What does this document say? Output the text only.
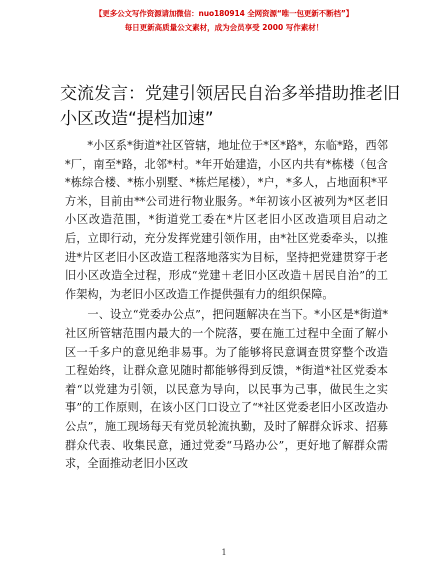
【更多公文写作资源请加微信：nuo180914 全网资源“唯一包更新不断档”】
每日更新高质量公文素材，成为会员享受 2000 写作素材！
交流发言：党建引领居民自治多举措助推老旧小区改造“提档加速”

*小区系*街道*社区管辖，地址位于*区*路*，东临*路，西邻*厂，南至*路，北邻*村。*年开始建造，小区内共有*栋楼（包含*栋综合楼、*栋小别墅、*栋烂尾楼），*户，*多人，占地面积*平方米，目前由**公司进行物业服务。*年初该小区被列为*区老旧小区改造范围，*街道党工委在*片区老旧小区改造项目启动之后，立即行动，充分发挥党建引领作用，由*社区党委牵头，以推进*片区老旧小区改造工程落地落实为目标，坚持把党建贯穿于老旧小区改造全过程，形成“党建＋老旧小区改造＋居民自治”的工作架构，为老旧小区改造工作提供强有力的组织保障。

一、设立“党委办公点”，把问题解决在当下。*小区是*街道*社区所管辖范围内最大的一个院落，要在施工过程中全面了解小区一千多户的意见绝非易事。为了能够将民意调查贯穿整个改造工程始终，让群众意见随时都能够得到反馈，*街道*社区党委本着“以党建为引领，以民意为导向，以民事为己事，做民生之实事”的工作原则，在该小区门口设立了“*社区党委老旧小区改造办公点”，施工现场每天有党员轮流执勤，及时了解群众诉求、招募群众代表、收集民意，通过党委“马路办公”，更好地了解群众需求，全面推动老旧小区改

1
